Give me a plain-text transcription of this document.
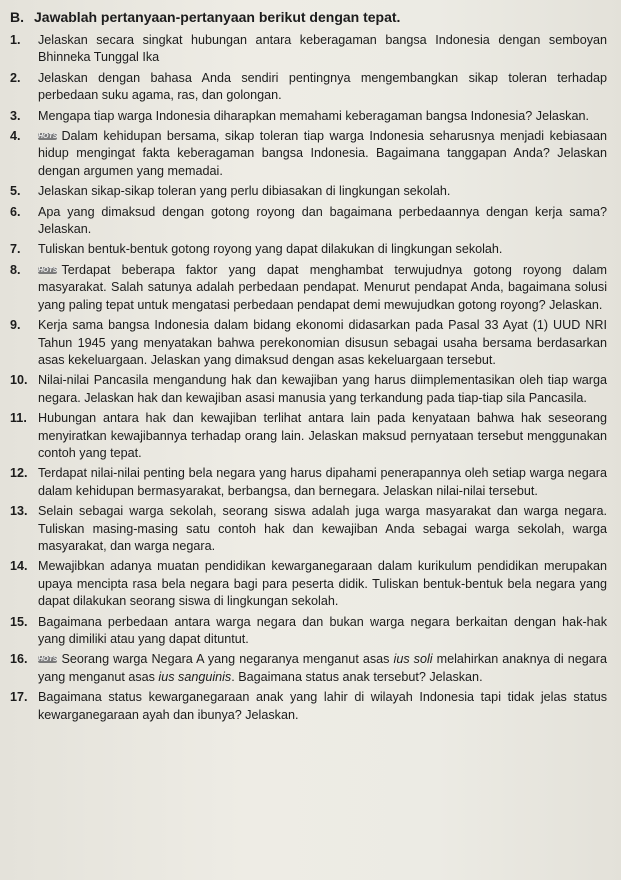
B. Jawablah pertanyaan-pertanyaan berikut dengan tepat.
1.	Jelaskan secara singkat hubungan antara keberagaman bangsa Indonesia dengan semboyan Bhinneka Tunggal Ika
2.	Jelaskan dengan bahasa Anda sendiri pentingnya mengembangkan sikap toleran terhadap perbedaan suku agama, ras, dan golongan.
3.	Mengapa tiap warga Indonesia diharapkan memahami keberagaman bangsa Indonesia? Jelaskan.
4.	HOTS Dalam kehidupan bersama, sikap toleran tiap warga Indonesia seharusnya menjadi kebiasaan hidup mengingat fakta keberagaman bangsa Indonesia. Bagaimana tanggapan Anda? Jelaskan dengan argumen yang memadai.
5.	Jelaskan sikap-sikap toleran yang perlu dibiasakan di lingkungan sekolah.
6.	Apa yang dimaksud dengan gotong royong dan bagaimana perbedaannya dengan kerja sama? Jelaskan.
7.	Tuliskan bentuk-bentuk gotong royong yang dapat dilakukan di lingkungan sekolah.
8.	HOTS Terdapat beberapa faktor yang dapat menghambat terwujudnya gotong royong dalam masyarakat. Salah satunya adalah perbedaan pendapat. Menurut pendapat Anda, bagaimana solusi yang paling tepat untuk mengatasi perbedaan pendapat demi mewujudkan gotong royong? Jelaskan.
9.	Kerja sama bangsa Indonesia dalam bidang ekonomi didasarkan pada Pasal 33 Ayat (1) UUD NRI Tahun 1945 yang menyatakan bahwa perekonomian disusun sebagai usaha bersama berdasarkan asas kekeluargaan. Jelaskan yang dimaksud dengan asas kekeluargaan tersebut.
10. Nilai-nilai Pancasila mengandung hak dan kewajiban yang harus diimplementasikan oleh tiap warga negara. Jelaskan hak dan kewajiban asasi manusia yang terkandung pada tiap-tiap sila Pancasila.
11. Hubungan antara hak dan kewajiban terlihat antara lain pada kenyataan bahwa hak seseorang menyiratkan kewajibannya terhadap orang lain. Jelaskan maksud pernyataan tersebut menggunakan contoh yang tepat.
12. Terdapat nilai-nilai penting bela negara yang harus dipahami penerapannya oleh setiap warga negara dalam kehidupan bermasyarakat, berbangsa, dan bernegara. Jelaskan nilai-nilai tersebut.
13. Selain sebagai warga sekolah, seorang siswa adalah juga warga masyarakat dan warga negara. Tuliskan masing-masing satu contoh hak dan kewajiban Anda sebagai warga sekolah, warga masyarakat, dan warga negara.
14. Mewajibkan adanya muatan pendidikan kewarganegaraan dalam kurikulum pendidikan merupakan upaya mencipta rasa bela negara bagi para peserta didik. Tuliskan bentuk-bentuk bela negara yang dapat dilakukan seorang siswa di lingkungan sekolah.
15. Bagaimana perbedaan antara warga negara dan bukan warga negara berkaitan dengan hak-hak yang dimiliki atau yang dapat dituntut.
16.	HOTS Seorang warga Negara A yang negaranya menganut asas ius soli melahirkan anaknya di negara yang menganut asas ius sanguinis. Bagaimana status anak tersebut? Jelaskan.
17. Bagaimana status kewarganegaraan anak yang lahir di wilayah Indonesia tapi tidak jelas status kewarganegaraan ayah dan ibunya? Jelaskan.
